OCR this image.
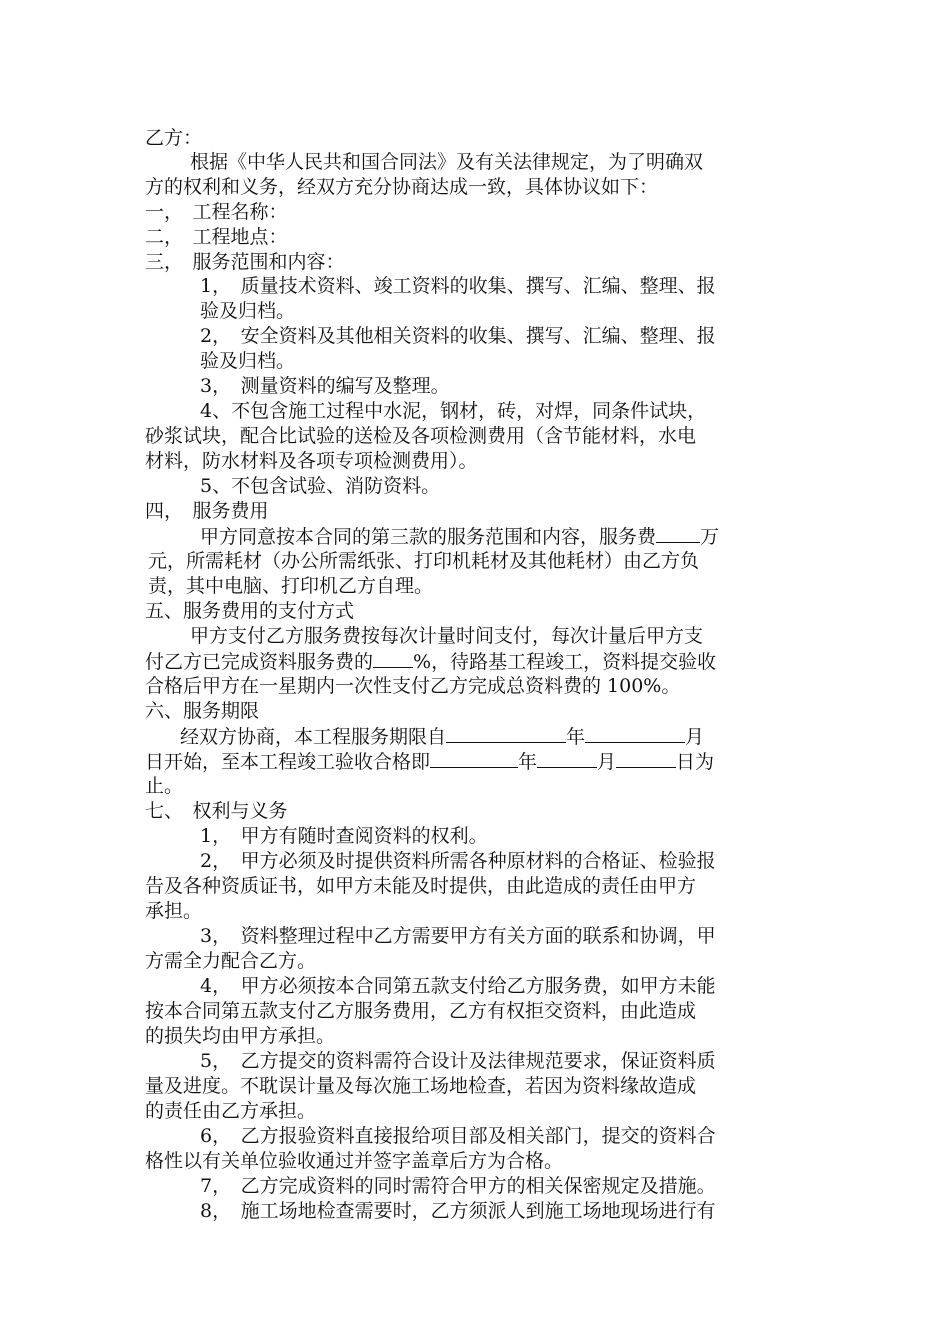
乙方：
根据《中华人民共和国合同法》及有关法律规定，为了明确双
方的权利和义务，经双方充分协商达成一致，具体协议如下：
一，　工程名称：
二，　工程地点：
三，　服务范围和内容：
1，　质量技术资料、竣工资料的收集、撰写、汇编、整理、报
验及归档。
2，　安全资料及其他相关资料的收集、撰写、汇编、整理、报
验及归档。
3，　测量资料的编写及整理。
4、不包含施工过程中水泥，钢材，砖，对焊，同条件试块，
砂浆试块，配合比试验的送检及各项检测费用（含节能材料，水电
材料，防水材料及各项专项检测费用）。
5、不包含试验、消防资料。
四，　服务费用
甲方同意按本合同的第三款的服务范围和内容，服务费 万
元，所需耗材（办公所需纸张、打印机耗材及其他耗材）由乙方负
责，其中电脑、打印机乙方自理。
五、服务费用的支付方式
甲方支付乙方服务费按每次计量时间支付，每次计量后甲方支
付乙方已完成资料服务费的 %，待路基工程竣工，资料提交验收
合格后甲方在一星期内一次性支付乙方完成总资料费的 100%。
六、服务期限
经双方协商，本工程服务期限自	年	月
日开始，至本工程竣工验收合格即	年	月	日为
止。
七、　权利与义务
1，　甲方有随时查阅资料的权利。
2，　甲方必须及时提供资料所需各种原材料的合格证、检验报
告及各种资质证书，如甲方未能及时提供，由此造成的责任由甲方
承担。
3，　资料整理过程中乙方需要甲方有关方面的联系和协调，甲
方需全力配合乙方。
4，　甲方必须按本合同第五款支付给乙方服务费，如甲方未能
按本合同第五款支付乙方服务费用，乙方有权拒交资料，由此造成
的损失均由甲方承担。
5，　乙方提交的资料需符合设计及法律规范要求，保证资料质
量及进度。不耽误计量及每次施工场地检查，若因为资料缘故造成
的责任由乙方承担。
6，　乙方报验资料直接报给项目部及相关部门，提交的资料合
格性以有关单位验收通过并签字盖章后方为合格。
7，　乙方完成资料的同时需符合甲方的相关保密规定及措施。
8，　施工场地检查需要时，乙方须派人到施工场地现场进行有
